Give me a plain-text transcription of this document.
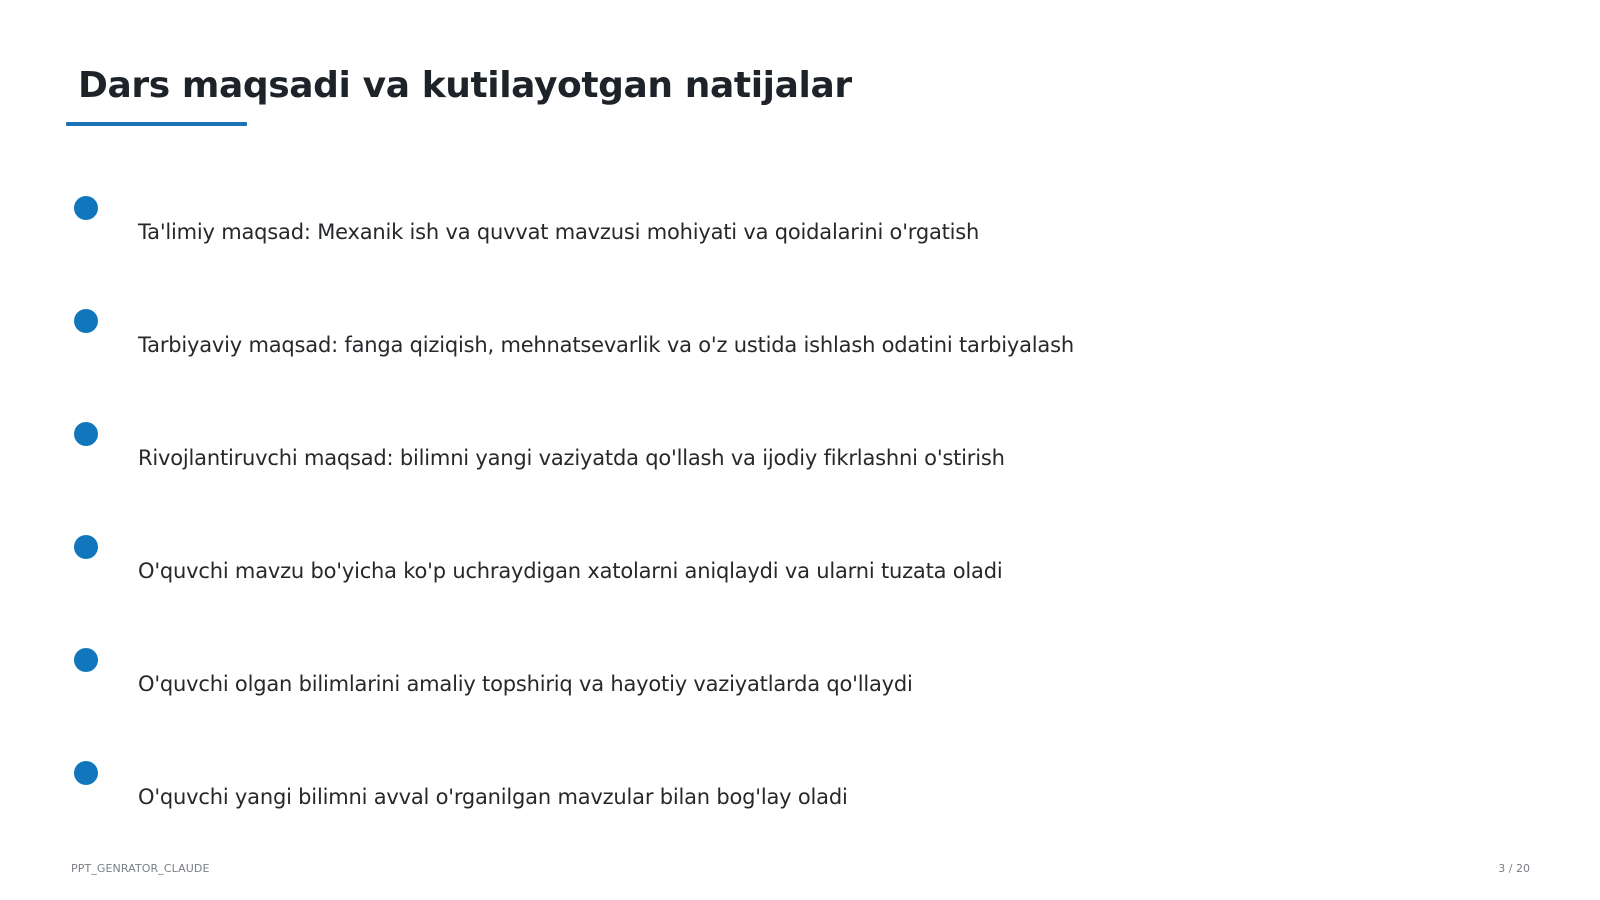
Dars maqsadi va kutilayotgan natijalar
Ta'limiy maqsad: Mexanik ish va quvvat mavzusi mohiyati va qoidalarini o'rgatish
Tarbiyaviy maqsad: fanga qiziqish, mehnatsevarlik va o'z ustida ishlash odatini tarbiyalash
Rivojlantiruvchi maqsad: bilimni yangi vaziyatda qo'llash va ijodiy fikrlashni o'stirish
O'quvchi mavzu bo'yicha ko'p uchraydigan xatolarni aniqlaydi va ularni tuzata oladi
O'quvchi olgan bilimlarini amaliy topshiriq va hayotiy vaziyatlarda qo'llaydi
O'quvchi yangi bilimni avval o'rganilgan mavzular bilan bog'lay oladi
PPT_GENRATOR_CLAUDE	3 / 20
